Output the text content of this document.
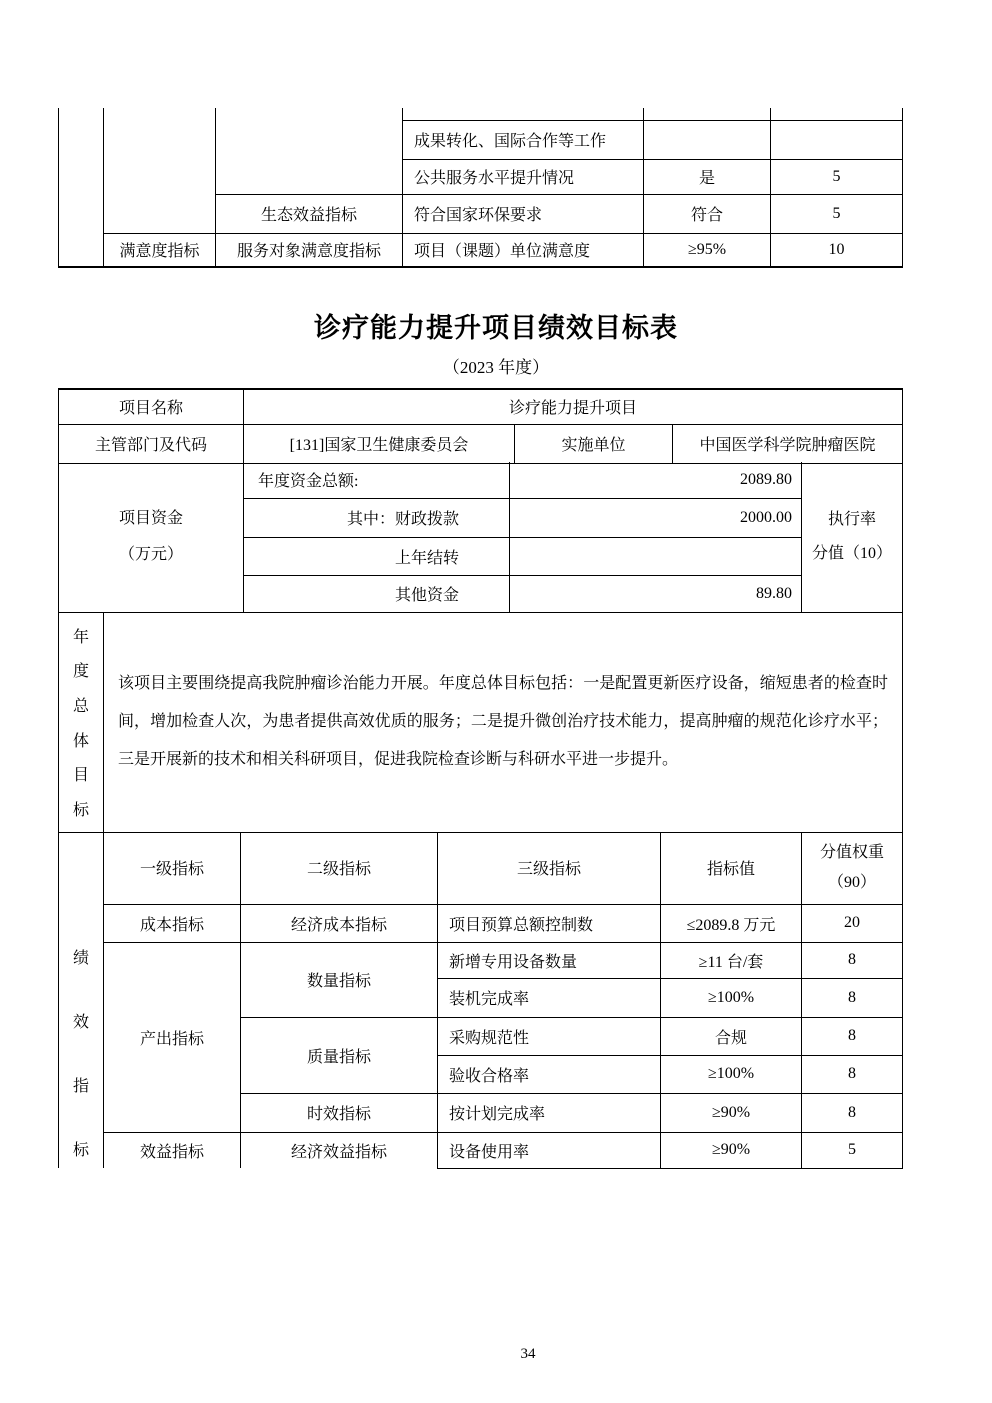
			成果转化、国际合作等工作		
			公共服务水平提升情况	是	5
		生态效益指标	符合国家环保要求	符合	5
	满意度指标	服务对象满意度指标	项目（课题）单位满意度	≥95%	10
诊疗能力提升项目绩效目标表
（2023 年度）
项目名称	诊疗能力提升项目		
主管部门及代码	[131]国家卫生健康委员会	实施单位	中国医学科学院肿瘤医院
项目资金
（万元）	年度资金总额:	2089.80	执行率
分值（10）

	其中：财政拨款	2000.00	
	上年结转		
	其他资金	89.80	
年
度
总
体
目
标
	该项目主要围绕提高我院肿瘤诊治能力开展。年度总体目标包括：一是配置更新医疗设备，缩短患者的检查时间，增加检查人次，为患者提供高效优质的服务；二是提升微创治疗技术能力，提高肿瘤的规范化诊疗水平；三是开展新的技术和相关科研项目，促进我院检查诊断与科研水平进一步提升。
绩
效
指
标	一级指标	二级指标	三级指标	指标值	分值权重
（90）

	成本指标	经济成本指标	项目预算总额控制数	≤2089.8 万元	20
	产出指标	数量指标	新增专用设备数量	≥11 台/套	8
			装机完成率	≥100%	8
		质量指标	采购规范性	合规	8
			验收合格率	≥100%	8
		时效指标	按计划完成率	≥90%	8
	效益指标	经济效益指标	设备使用率	≥90%	5
34
